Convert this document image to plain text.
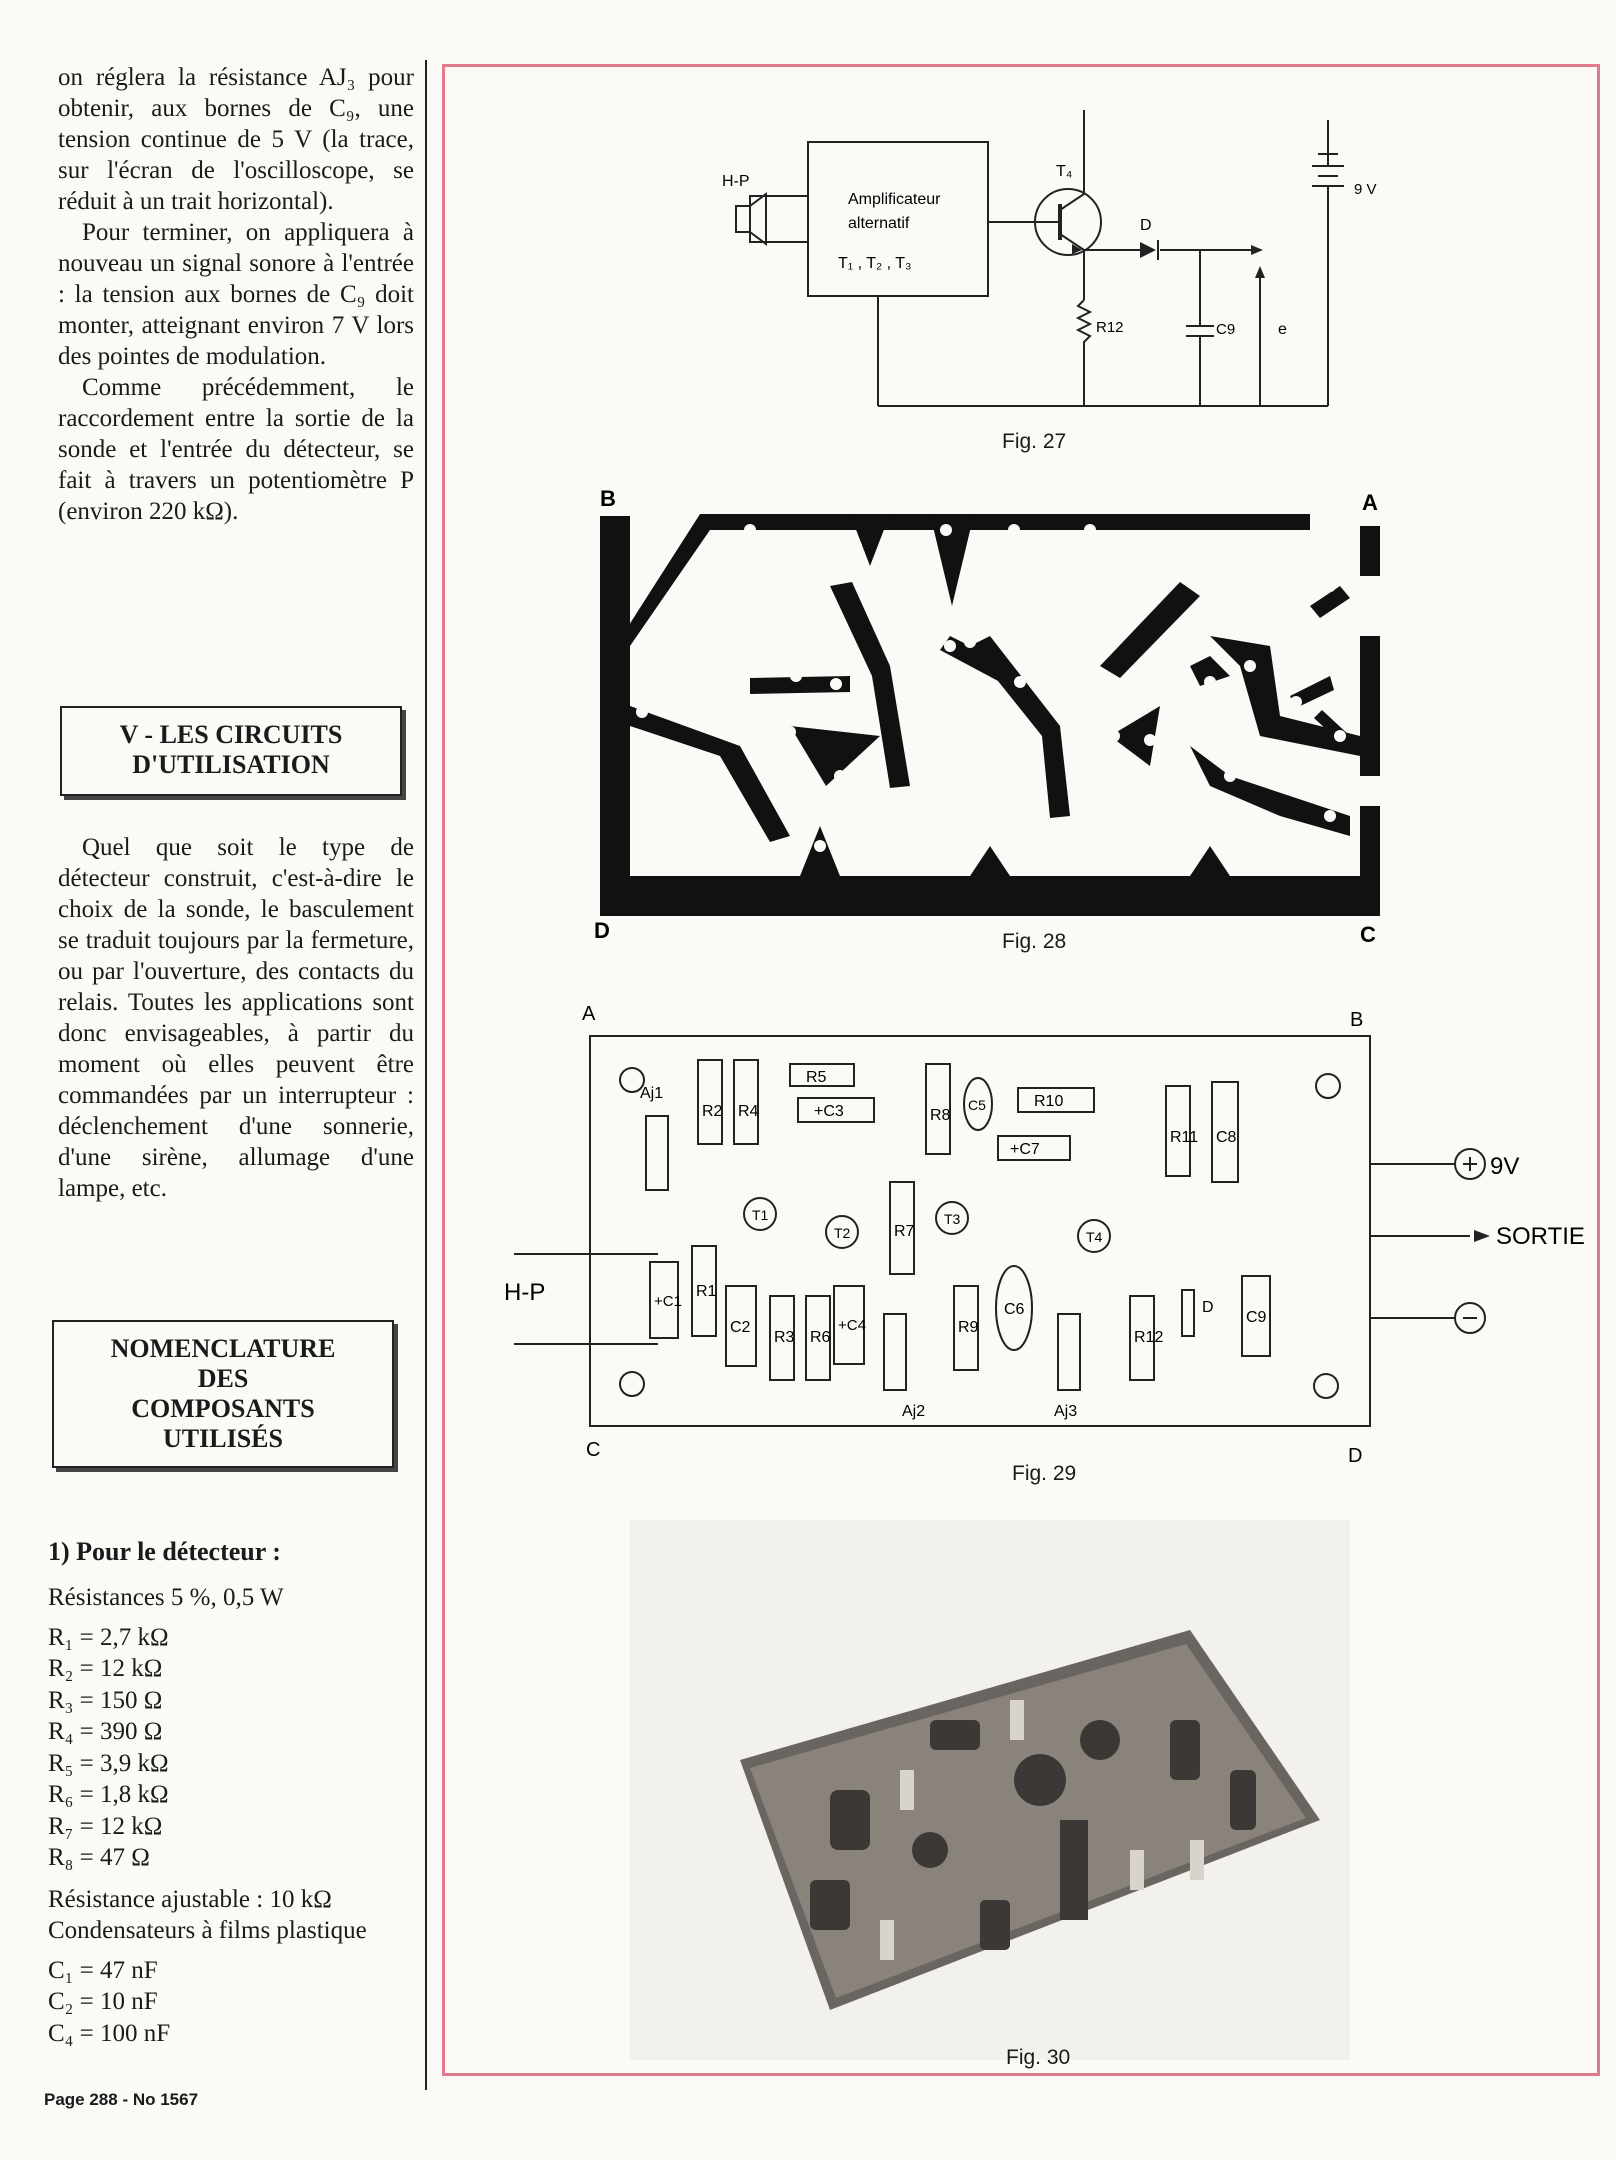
on réglera la résistance AJ₃ pour obtenir, aux bornes de C₉, une tension continue de 5 V (la trace, sur l'écran de l'oscilloscope, se réduit à un trait horizontal).

Pour terminer, on appliquera à nouveau un signal sonore à l'entrée : la tension aux bornes de C₉ doit monter, atteignant environ 7 V lors des pointes de modulation.

Comme précédemment, le raccordement entre la sortie de la sonde et l'entrée du détecteur, se fait à travers un potentiomètre P (environ 220 kΩ).

V - LES CIRCUITS
D'UTILISATION

Quel que soit le type de détecteur construit, c'est-à-dire le choix de la sonde, le basculement se traduit toujours par la fermeture, ou par l'ouverture, des contacts du relais. Toutes les applications sont donc envisageables, à partir du moment où elles peuvent être commandées par un interrupteur : déclenchement d'une sonnerie, d'une sirène, allumage d'une lampe, etc.

NOMENCLATURE
DES
COMPOSANTS
UTILISÉS
1) Pour le détecteur :
Résistances 5 %, 0,5 W
R₁ = 2,7 kΩ
R₂ = 12 kΩ
R₃ = 150 Ω
R₄ = 390 Ω
R₅ = 3,9 kΩ
R₆ = 1,8 kΩ
R₇ = 12 kΩ
R₈ = 47 Ω
Résistance ajustable : 10 kΩ
Condensateurs à films plastique
C₁ = 47 nF
C₂ = 10 nF
C₄ = 100 nF
Page 288 - No 1567
H-P
Amplificateur
alternatif
T₁ , T₂ , T₃
T₄
D
R12	C9	e
9 V
Fig. 27
B	A
D	C
Fig. 28
A	B
C	D
H-P
9V
SORTIE
Aj1
R2 R4
R5
+C3	R8
C5	R10
+C7
R11 C8
R7
T1
T2
T3
T4
+C1
R1
C2
R3 R6
+C4
Aj2
R9
C6
Aj3
R12
D
C9
Fig. 29
Fig. 30
